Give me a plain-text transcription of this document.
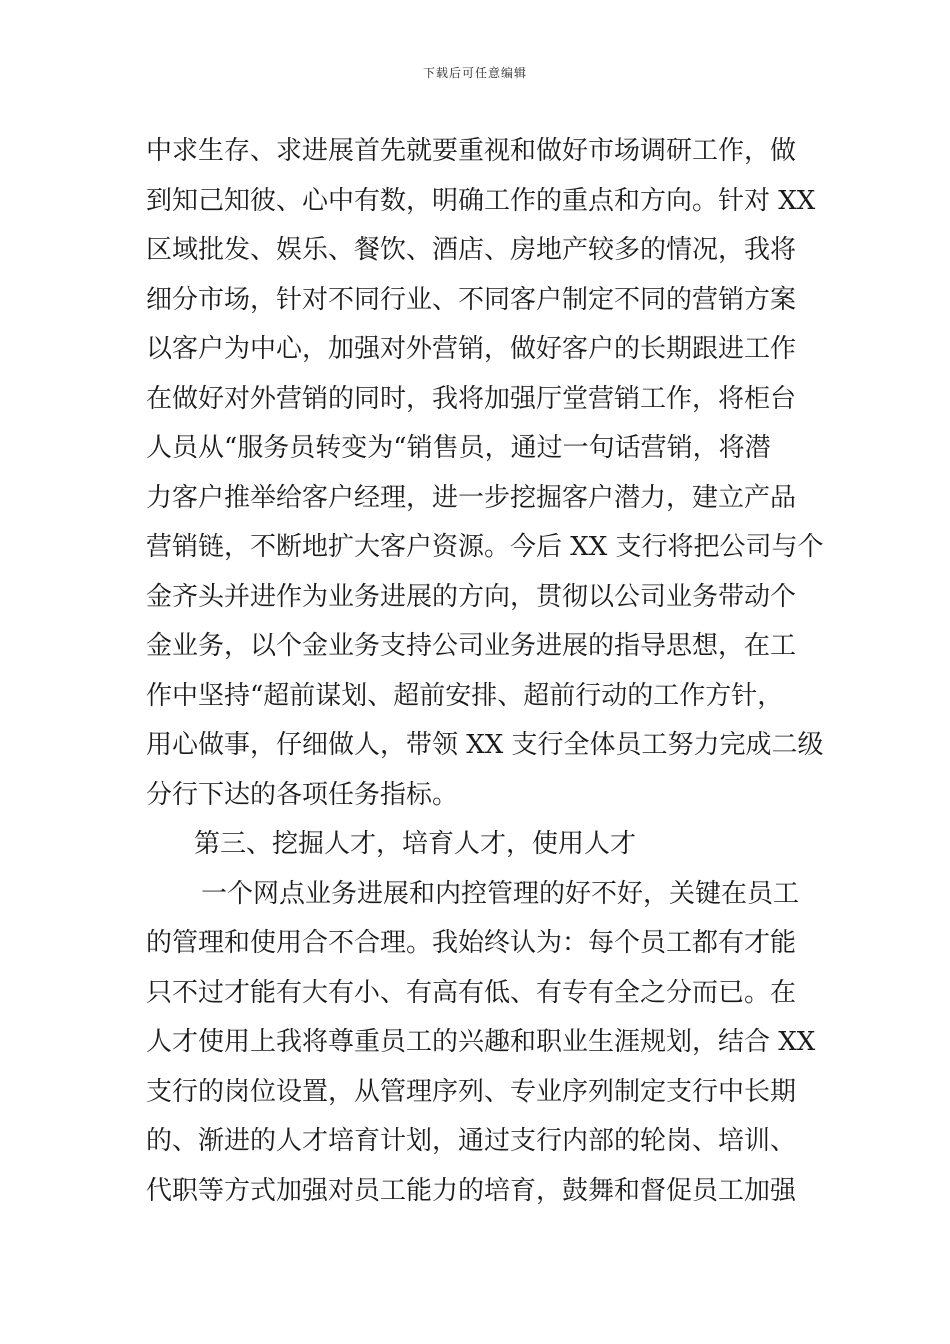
下载后可任意编辑
中求生存、求进展首先就要重视和做好市场调研工作，做
到知己知彼、心中有数，明确工作的重点和方向。针对 XX
区域批发、娱乐、餐饮、酒店、房地产较多的情况，我将
细分市场，针对不同行业、不同客户制定不同的营销方案
以客户为中心，加强对外营销，做好客户的长期跟进工作
在做好对外营销的同时，我将加强厅堂营销工作，将柜台
人员从“服务员转变为“销售员，通过一句话营销，将潜
力客户推举给客户经理，进一步挖掘客户潜力，建立产品
营销链，不断地扩大客户资源。今后 XX 支行将把公司与个
金齐头并进作为业务进展的方向，贯彻以公司业务带动个
金业务，以个金业务支持公司业务进展的指导思想，在工
作中坚持“超前谋划、超前安排、超前行动的工作方针，
用心做事，仔细做人，带领 XX 支行全体员工努力完成二级
分行下达的各项任务指标。
第三、挖掘人才，培育人才，使用人才
一个网点业务进展和内控管理的好不好，关键在员工
的管理和使用合不合理。我始终认为：每个员工都有才能
只不过才能有大有小、有高有低、有专有全之分而已。在
人才使用上我将尊重员工的兴趣和职业生涯规划，结合 XX
支行的岗位设置，从管理序列、专业序列制定支行中长期
的、渐进的人才培育计划，通过支行内部的轮岗、培训、
代职等方式加强对员工能力的培育，鼓舞和督促员工加强
